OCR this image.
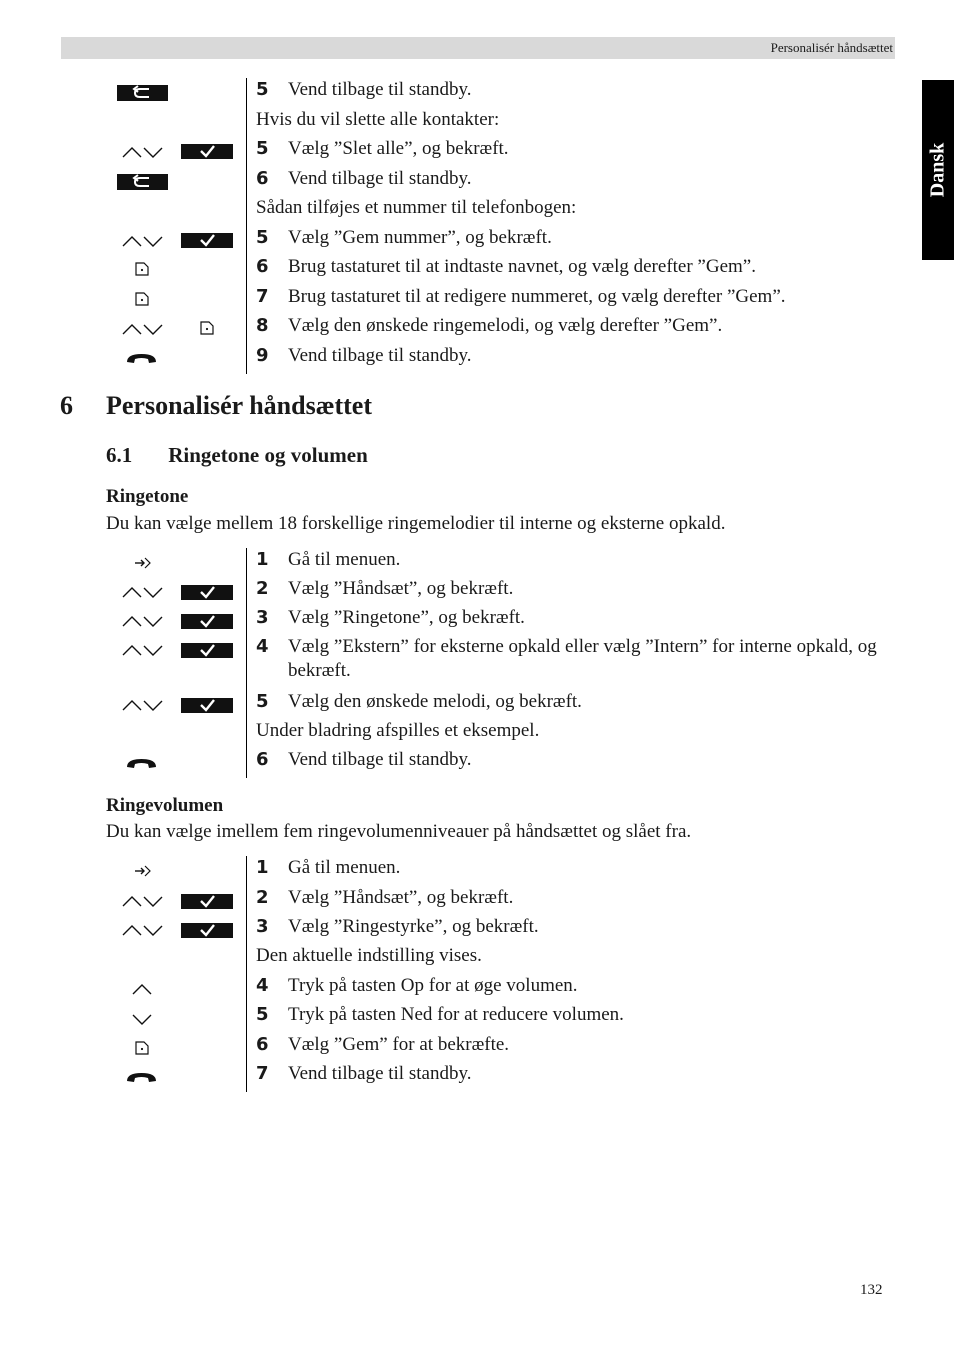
Personalisér håndsættet
Dansk
5 Vend tilbage til standby.
Hvis du vil slette alle kontakter:
5 Vælg ”Slet alle”, og bekræft.
6 Vend tilbage til standby.
Sådan tilføjes et nummer til telefonbogen:
5 Vælg ”Gem nummer”, og bekræft.
6 Brug tastaturet til at indtaste navnet, og vælg derefter ”Gem”.
7 Brug tastaturet til at redigere nummeret, og vælg derefter ”Gem”.
8 Vælg den ønskede ringemelodi, og vælg derefter ”Gem”.
9 Vend tilbage til standby.
6 Personalisér håndsættet
6.1 Ringetone og volumen
Ringetone
Du kan vælge mellem 18 forskellige ringemelodier til interne og eksterne opkald.
1 Gå til menuen.
2 Vælg ”Håndsæt”, og bekræft.
3 Vælg ”Ringetone”, og bekræft.
4 Vælg ”Ekstern” for eksterne opkald eller vælg ”Intern” for interne opkald, og bekræft.
5 Vælg den ønskede melodi, og bekræft.
Under bladring afspilles et eksempel.
6 Vend tilbage til standby.
Ringevolumen
Du kan vælge imellem fem ringevolumenniveauer på håndsættet og slået fra.
1 Gå til menuen.
2 Vælg ”Håndsæt”, og bekræft.
3 Vælg ”Ringestyrke”, og bekræft.
Den aktuelle indstilling vises.
4 Tryk på tasten Op for at øge volumen.
5 Tryk på tasten Ned for at reducere volumen.
6 Vælg ”Gem” for at bekræfte.
7 Vend tilbage til standby.
132
